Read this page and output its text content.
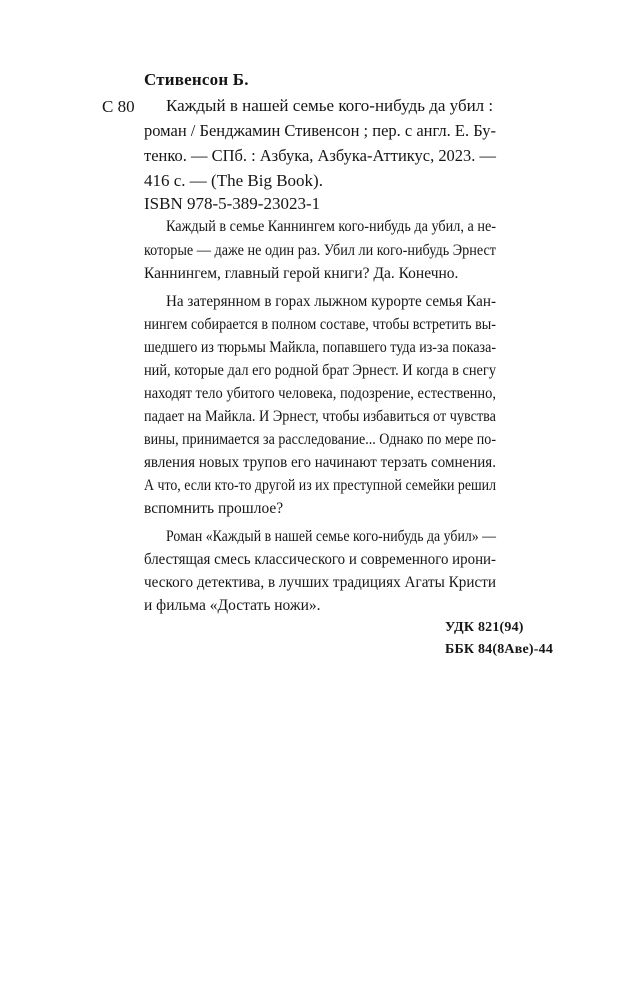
Стивенсон Б.
С 80 Каждый в нашей семье кого-нибудь да убил :
роман / Бенджамин Стивенсон ; пер. с англ. Е. Бу-
тенко. — СПб. : Азбука, Азбука-Аттикус, 2023. —
416 с. — (The Big Book).
ISBN 978-5-389-23023-1
Каждый в семье Каннингем кого-нибудь да убил, а не-
которые — даже не один раз. Убил ли кого-нибудь Эрнест
Каннингем, главный герой книги? Да. Конечно.
На затерянном в горах лыжном курорте семья Кан-
нингем собирается в полном составе, чтобы встретить вы-
шедшего из тюрьмы Майкла, попавшего туда из-за показа-
ний, которые дал его родной брат Эрнест. И когда в снегу
находят тело убитого человека, подозрение, естественно,
падает на Майкла. И Эрнест, чтобы избавиться от чувства
вины, принимается за расследование... Однако по мере по-
явления новых трупов его начинают терзать сомнения.
А что, если кто-то другой из их преступной семейки решил
вспомнить прошлое?
Роман «Каждый в нашей семье кого-нибудь да убил» —
блестящая смесь классического и современного ирони-
ческого детектива, в лучших традициях Агаты Кристи
и фильма «Достать ножи».
УДК 821(94)
ББК 84(8Аве)-44
